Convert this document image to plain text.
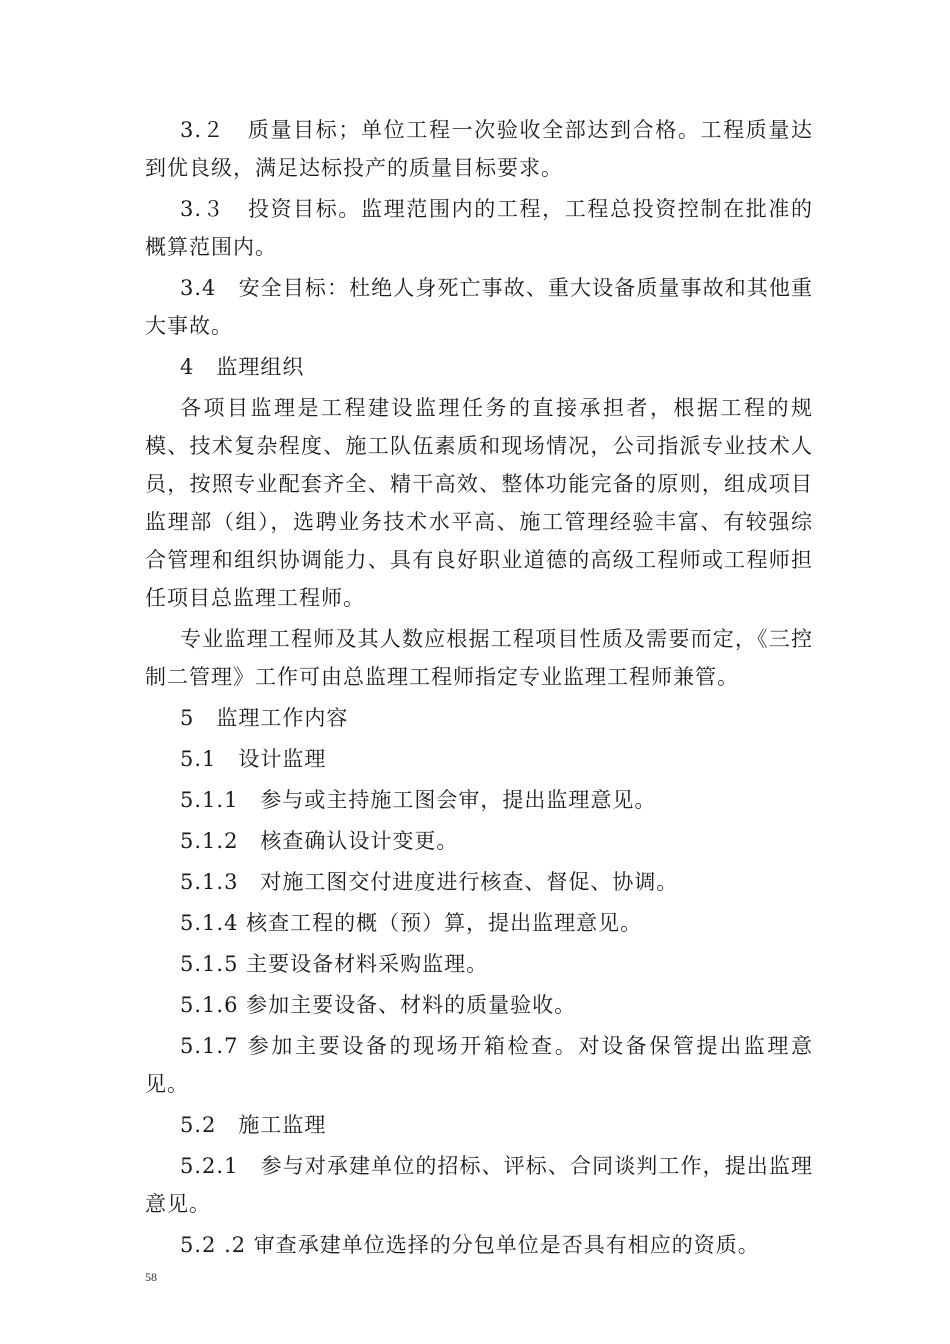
3.２　质量目标；单位工程一次验收全部达到合格。工程质量达到优良级，满足达标投产的质量目标要求。

3.３　投资目标。监理范围内的工程，工程总投资控制在批准的概算范围内。

3.4　安全目标：杜绝人身死亡事故、重大设备质量事故和其他重大事故。

4　监理组织

各项目监理是工程建设监理任务的直接承担者，根据工程的规模、技术复杂程度、施工队伍素质和现场情况，公司指派专业技术人员，按照专业配套齐全、精干高效、整体功能完备的原则，组成项目监理部（组），选聘业务技术水平高、施工管理经验丰富、有较强综合管理和组织协调能力、具有良好职业道德的高级工程师或工程师担任项目总监理工程师。

专业监理工程师及其人数应根据工程项目性质及需要而定，《三控制二管理》工作可由总监理工程师指定专业监理工程师兼管。

5　监理工作内容

5.1　设计监理

5.1.1　参与或主持施工图会审，提出监理意见。

5.1.2　核查确认设计变更。

5.1.3　对施工图交付进度进行核查、督促、协调。

5.1.4 核查工程的概（预）算，提出监理意见。

5.1.5 主要设备材料采购监理。

5.1.6 参加主要设备、材料的质量验收。

5.1.7 参加主要设备的现场开箱检查。对设备保管提出监理意见。

5.2　施工监理

5.2.1　参与对承建单位的招标、评标、合同谈判工作，提出监理意见。

5.2 .2 审查承建单位选择的分包单位是否具有相应的资质。

58
